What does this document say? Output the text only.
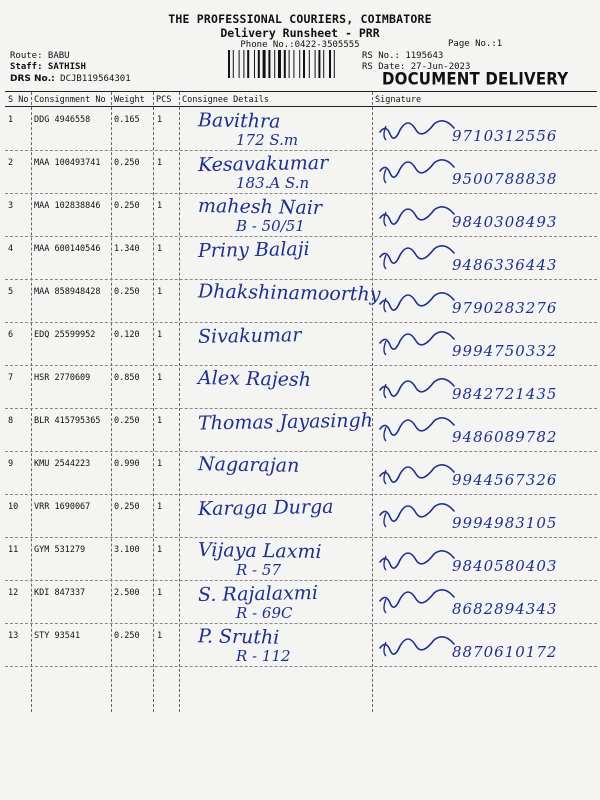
THE PROFESSIONAL COURIERS, COIMBATORE
Delivery Runsheet - PRR
Phone No.:0422-3505555	Page No.:1
Route: BABU
Staff: SATHISH
DRS No.: DCJB119564301
RS No.: 1195643
RS Date: 27-Jun-2023
DOCUMENT DELIVERY
S No Consignment No Weight PCS Consignee Details	Signature
1 DDG 4946558	0.165 1 Bavithra
172 S.m	9710312556
2 MAA 100493741 0.250 1 Kesavakumar
183.A S.n	9500788838
3 MAA 102838846 0.250 1 mahesh Nair
B - 50/51	9840308493
4 MAA 600140546 1.340 1 Priny Balaji
9486336443
5 MAA 858948428 0.250 1 Dhakshinamoorthy
9790283276
6 EDQ 25599952 0.120 1 Sivakumar
9994750332
7 HSR 2770609	0.850 1 Alex Rajesh
9842721435
8 BLR 415795365 0.250 1 Thomas Jayasingh
9486089782
9 KMU 2544223	0.990 1 Nagarajan
9944567326
10 VRR 1690067	0.250 1 Karaga Durga
9994983105
11 GYM 531279	3.100 1 Vijaya Laxmi
R - 57	9840580403
12 KDI 847337	2.500 1 S. Rajalaxmi
R - 69C	8682894343
13 STY 93541	0.250 1 P. Sruthi
R - 112	8870610172
